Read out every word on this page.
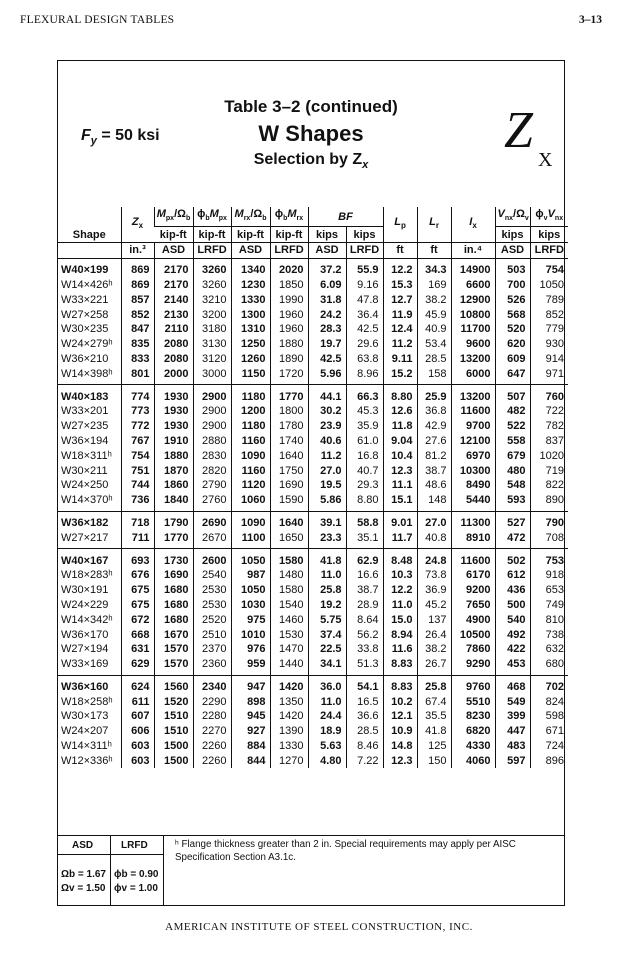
FLEXURAL DESIGN TABLES	3–13
Table 3–2 (continued)
W Shapes
Selection by $Z_x$
$F_y = 50$ ksi	Z
X
Shape	$Z_x$	$M_{px}/\Omega_b$	$\phi_bM_{px}$	$M_{rx}/\Omega_b$	$\phi_bM_{rx}$	BF		$L_p$	$L_r$	$I_x$	$V_{nx}/\Omega_v$	$\phi_vV_{nx}$
		kip-ft	kip-ft	kip-ft	kip-ft	kips	kips				kips	kips
	in.³	ASD	LRFD	ASD	LRFD	ASD	LRFD	ft	ft	in.⁴	ASD	LRFD
W40×199	869	2170	3260	1340	2020	37.2	55.9	12.2	34.3	14900	503	754
W14×426ʰ	869	2170	3260	1230	1850	6.09	9.16	15.3	169	6600	700	1050
W33×221	857	2140	3210	1330	1990	31.8	47.8	12.7	38.2	12900	526	789
W27×258	852	2130	3200	1300	1960	24.2	36.4	11.9	45.9	10800	568	852
W30×235	847	2110	3180	1310	1960	28.3	42.5	12.4	40.9	11700	520	779
W24×279ʰ	835	2080	3130	1250	1880	19.7	29.6	11.2	53.4	9600	620	930
W36×210	833	2080	3120	1260	1890	42.5	63.8	9.11	28.5	13200	609	914
W14×398ʰ	801	2000	3000	1150	1720	5.96	8.96	15.2	158	6000	647	971
W40×183	774	1930	2900	1180	1770	44.1	66.3	8.80	25.9	13200	507	760
W33×201	773	1930	2900	1200	1800	30.2	45.3	12.6	36.8	11600	482	722
W27×235	772	1930	2900	1180	1780	23.9	35.9	11.8	42.9	9700	522	782
W36×194	767	1910	2880	1160	1740	40.6	61.0	9.04	27.6	12100	558	837
W18×311ʰ	754	1880	2830	1090	1640	11.2	16.8	10.4	81.2	6970	679	1020
W30×211	751	1870	2820	1160	1750	27.0	40.7	12.3	38.7	10300	480	719
W24×250	744	1860	2790	1120	1690	19.5	29.3	11.1	48.6	8490	548	822
W14×370ʰ	736	1840	2760	1060	1590	5.86	8.80	15.1	148	5440	593	890
W36×182	718	1790	2690	1090	1640	39.1	58.8	9.01	27.0	11300	527	790
W27×217	711	1770	2670	1100	1650	23.3	35.1	11.7	40.8	8910	472	708
W40×167	693	1730	2600	1050	1580	41.8	62.9	8.48	24.8	11600	502	753
W18×283ʰ	676	1690	2540	987	1480	11.0	16.6	10.3	73.8	6170	612	918
W30×191	675	1680	2530	1050	1580	25.8	38.7	12.2	36.9	9200	436	653
W24×229	675	1680	2530	1030	1540	19.2	28.9	11.0	45.2	7650	500	749
W14×342ʰ	672	1680	2520	975	1460	5.75	8.64	15.0	137	4900	540	810
W36×170	668	1670	2510	1010	1530	37.4	56.2	8.94	26.4	10500	492	738
W27×194	631	1570	2370	976	1470	22.5	33.8	11.6	38.2	7860	422	632
W33×169	629	1570	2360	959	1440	34.1	51.3	8.83	26.7	9290	453	680
W36×160	624	1560	2340	947	1420	36.0	54.1	8.83	25.8	9760	468	702
W18×258ʰ	611	1520	2290	898	1350	11.0	16.5	10.2	67.4	5510	549	824
W30×173	607	1510	2280	945	1420	24.4	36.6	12.1	35.5	8230	399	598
W24×207	606	1510	2270	927	1390	18.9	28.5	10.9	41.8	6820	447	671
W14×311ʰ	603	1500	2260	884	1330	5.63	8.46	14.8	125	4330	483	724
W12×336ʰ	603	1500	2260	844	1270	4.80	7.22	12.3	150	4060	597	896
ASD	LRFD
Ωb = 1.67
Ωv = 1.50
ϕb = 0.90
ϕv = 1.00
ʰ Flange thickness greater than 2 in. Special requirements may apply per AISC Specification Section A3.1c.
AMERICAN INSTITUTE OF STEEL CONSTRUCTION, INC.
